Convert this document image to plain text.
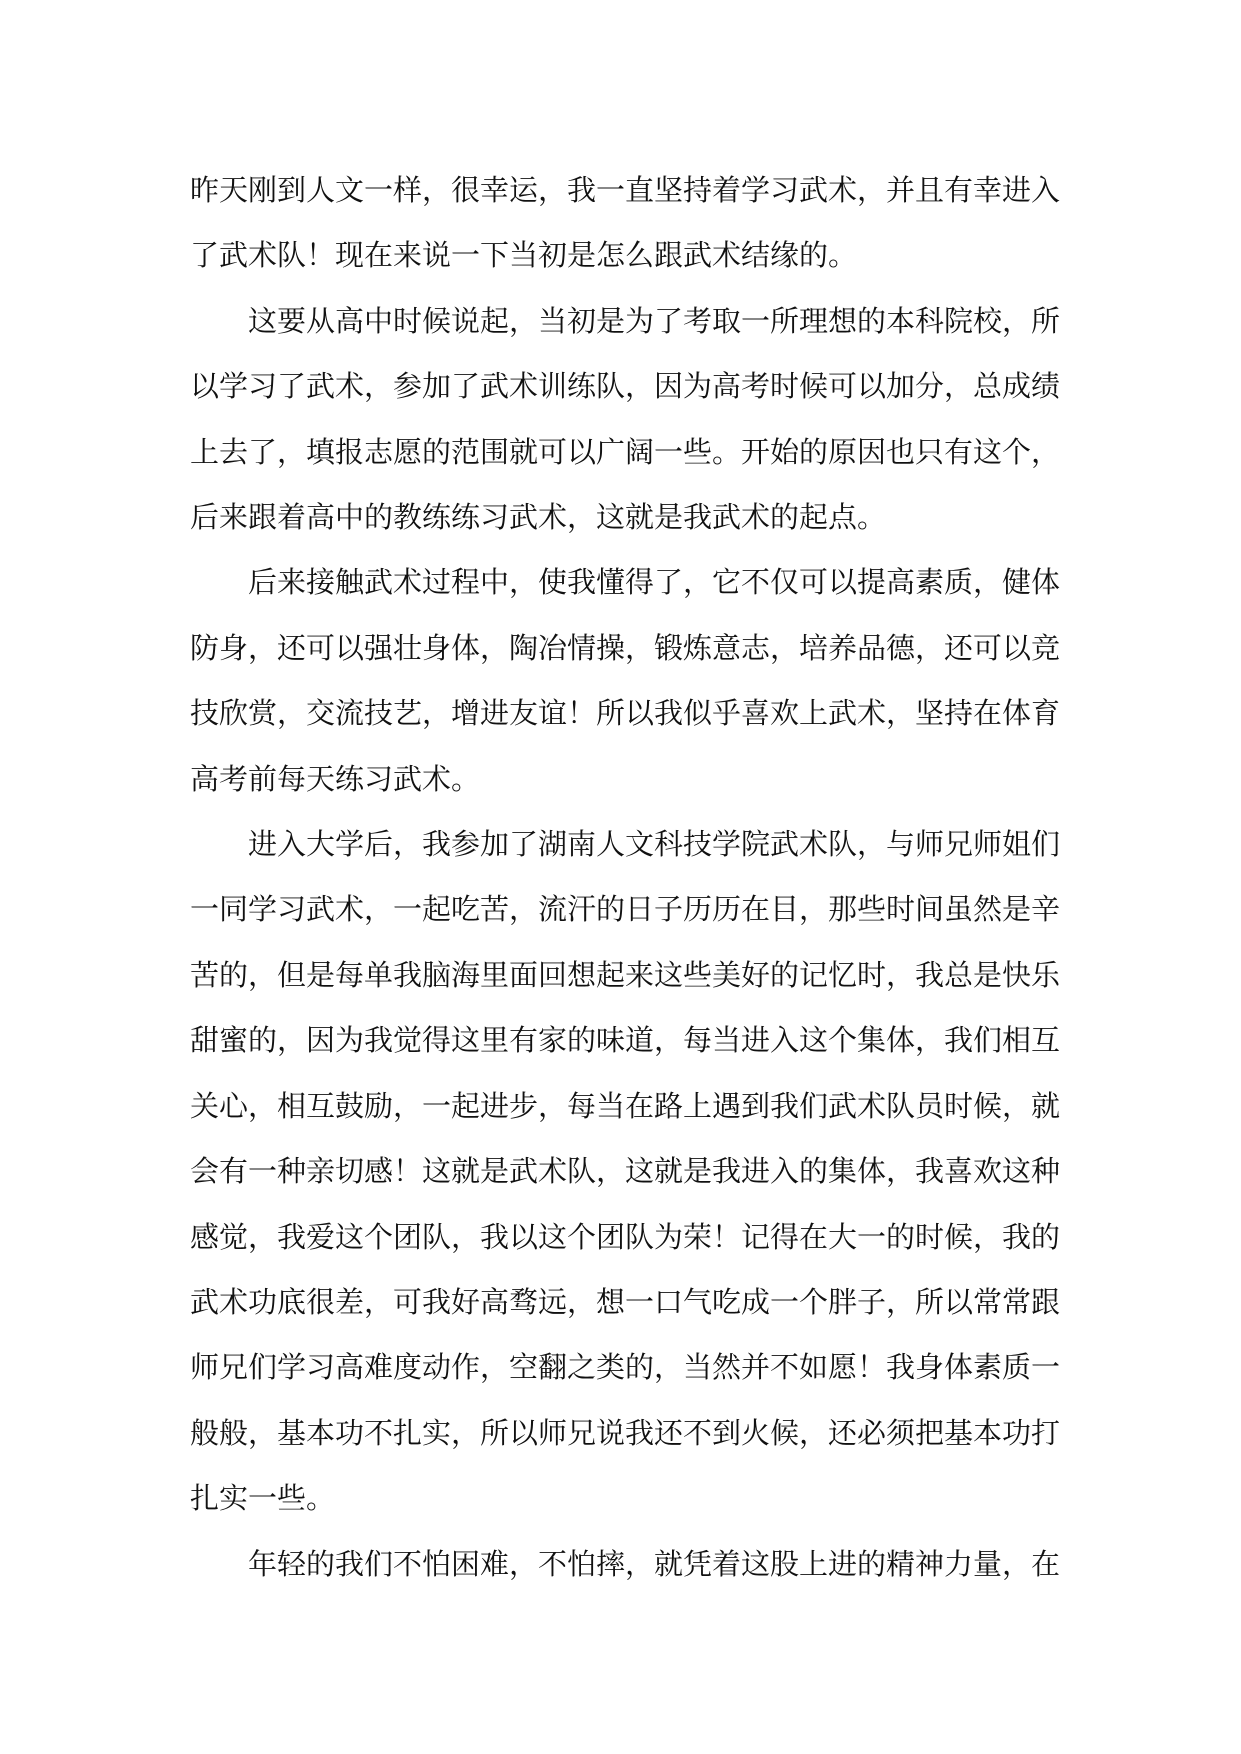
昨天刚到人文一样，很幸运，我一直坚持着学习武术，并且有幸进入
了武术队！现在来说一下当初是怎么跟武术结缘的。

这要从高中时候说起，当初是为了考取一所理想的本科院校，所
以学习了武术，参加了武术训练队，因为高考时候可以加分，总成绩
上去了，填报志愿的范围就可以广阔一些。开始的原因也只有这个，
后来跟着高中的教练练习武术，这就是我武术的起点。

后来接触武术过程中，使我懂得了，它不仅可以提高素质，健体
防身，还可以强壮身体，陶冶情操，锻炼意志，培养品德，还可以竞
技欣赏，交流技艺，增进友谊！所以我似乎喜欢上武术，坚持在体育
高考前每天练习武术。

进入大学后，我参加了湖南人文科技学院武术队，与师兄师姐们
一同学习武术，一起吃苦，流汗的日子历历在目，那些时间虽然是辛
苦的，但是每单我脑海里面回想起来这些美好的记忆时，我总是快乐
甜蜜的，因为我觉得这里有家的味道，每当进入这个集体，我们相互
关心，相互鼓励，一起进步，每当在路上遇到我们武术队员时候，就
会有一种亲切感！这就是武术队，这就是我进入的集体，我喜欢这种
感觉，我爱这个团队，我以这个团队为荣！记得在大一的时候，我的
武术功底很差，可我好高骛远，想一口气吃成一个胖子，所以常常跟
师兄们学习高难度动作，空翻之类的，当然并不如愿！我身体素质一
般般，基本功不扎实，所以师兄说我还不到火候，还必须把基本功打
扎实一些。

年轻的我们不怕困难，不怕摔，就凭着这股上进的精神力量，在
